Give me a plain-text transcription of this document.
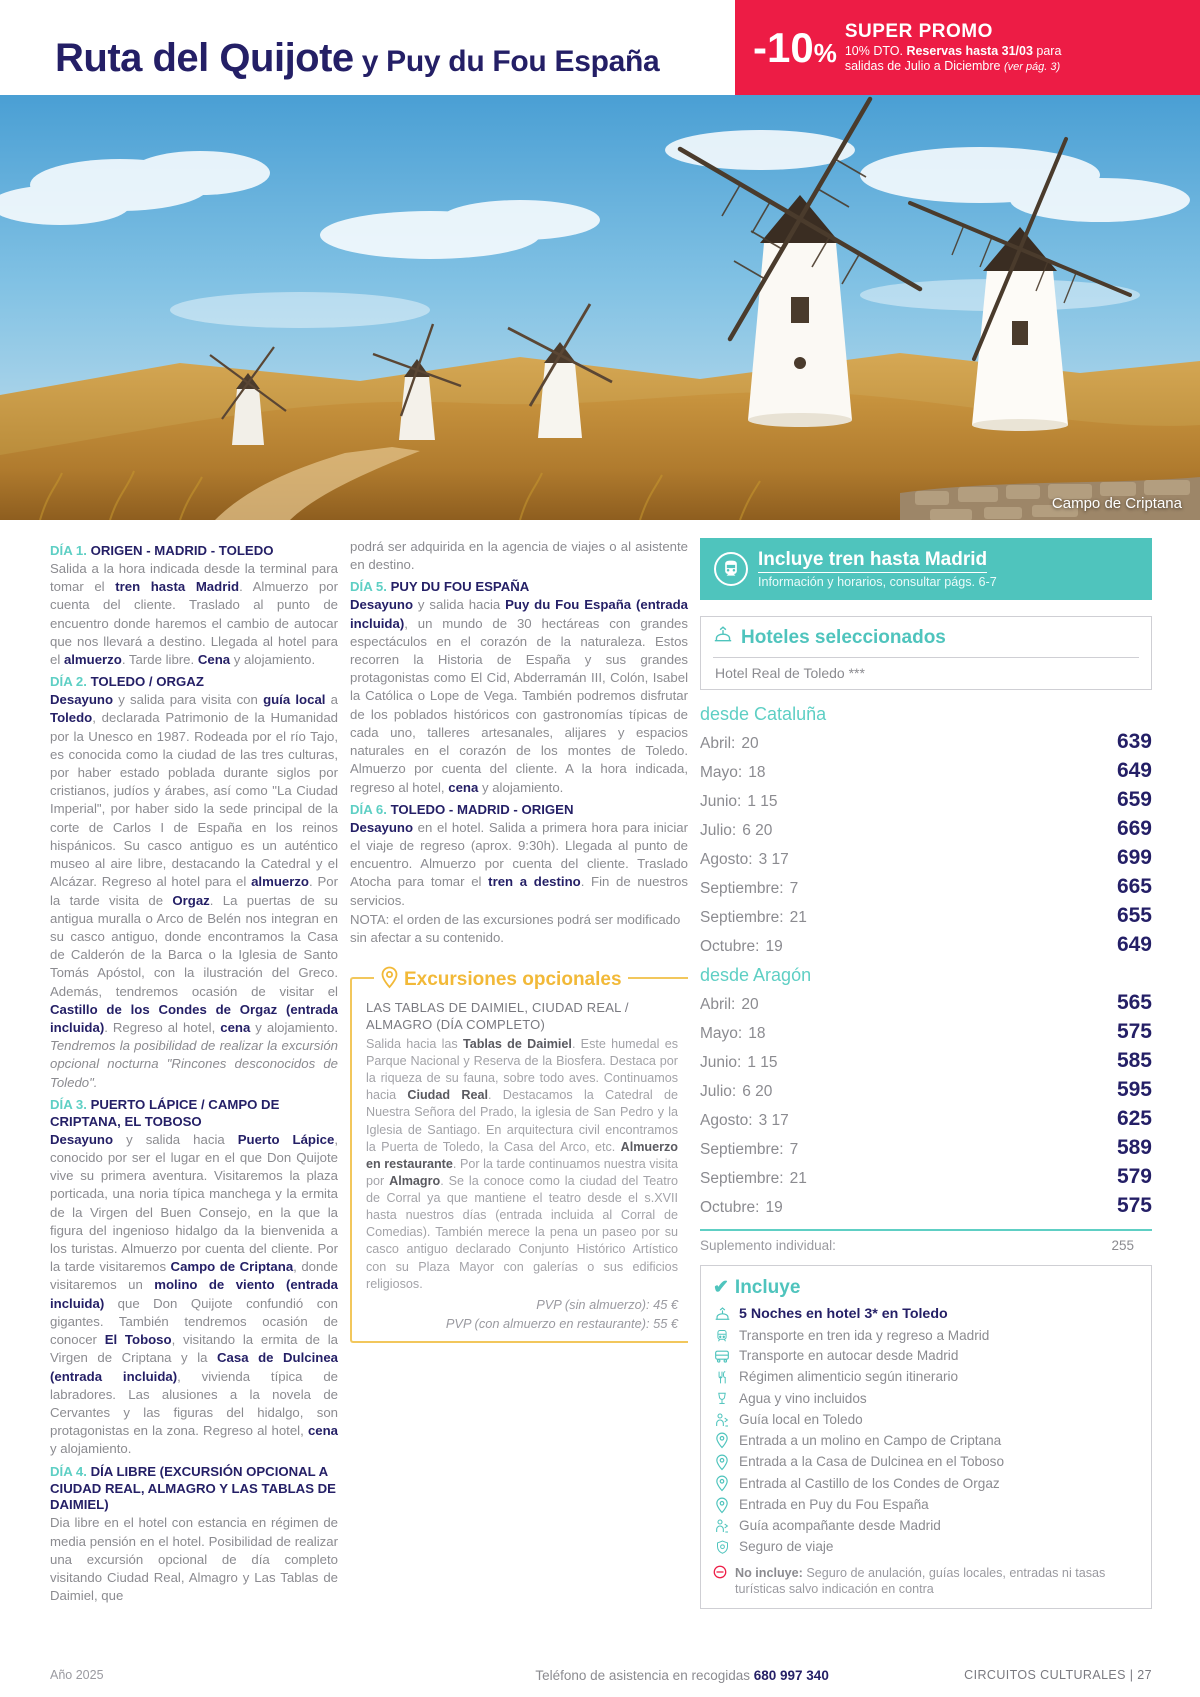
Ruta del Quijote y Puy du Fou España -10%
SUPER PROMO
10% DTO. Reservas hasta 31/03 para
salidas de Julio a Diciembre (ver pág. 3)
Campo de Criptana
DÍA 1. ORIGEN - MADRID - TOLEDO
Salida a la hora indicada desde la terminal para tomar el tren hasta Madrid. Almuerzo por cuenta del cliente. Traslado al punto de encuentro donde haremos el cambio de autocar que nos llevará a destino. Llegada al hotel para el almuerzo. Tarde libre. Cena y alojamiento.
DÍA 2. TOLEDO / ORGAZ
Desayuno y salida para visita con guía local a Toledo, declarada Patrimonio de la Humanidad por la Unesco en 1987. Rodeada por el río Tajo, es conocida como la ciudad de las tres culturas, por haber estado poblada durante siglos por cristianos, judíos y árabes, así como "La Ciudad Imperial", por haber sido la sede principal de la corte de Carlos I de España en los reinos hispánicos. Su casco antiguo es un auténtico museo al aire libre, destacando la Catedral y el Alcázar. Regreso al hotel para el almuerzo. Por la tarde visita de Orgaz. La puertas de su antigua muralla o Arco de Belén nos integran en su casco antiguo, donde encontramos la Casa de Calderón de la Barca o la Iglesia de Santo Tomás Apóstol, con la ilustración del Greco. Además, tendremos ocasión de visitar el Castillo de los Condes de Orgaz (entrada incluida). Regreso al hotel, cena y alojamiento. Tendremos la posibilidad de realizar la excursión opcional nocturna "Rincones desconocidos de Toledo".
DÍA 3. PUERTO LÁPICE / CAMPO DE CRIPTANA, EL TOBOSO
Desayuno y salida hacia Puerto Lápice, conocido por ser el lugar en el que Don Quijote vive su primera aventura. Visitaremos la plaza porticada, una noria típica manchega y la ermita de la Virgen del Buen Consejo, en la que la figura del ingenioso hidalgo da la bienvenida a los turistas. Almuerzo por cuenta del cliente. Por la tarde visitaremos Campo de Criptana, donde visitaremos un molino de viento (entrada incluida) que Don Quijote confundió con gigantes. También tendremos ocasión de conocer El Toboso, visitando la ermita de la Virgen de Criptana y la Casa de Dulcinea (entrada incluida), vivienda típica de labradores. Las alusiones a la novela de Cervantes y las figuras del hidalgo, son protagonistas en la zona. Regreso al hotel, cena y alojamiento.
DÍA 4. DÍA LIBRE (EXCURSIÓN OPCIONAL A CIUDAD REAL, ALMAGRO Y LAS TABLAS DE DAIMIEL)
Dia libre en el hotel con estancia en régimen de media pensión en el hotel. Posibilidad de realizar una excursión opcional de día completo visitando Ciudad Real, Almagro y Las Tablas de Daimiel, que
podrá ser adquirida en la agencia de viajes o al asistente en destino.
DÍA 5. PUY DU FOU ESPAÑA
Desayuno y salida hacia Puy du Fou España (entrada incluida), un mundo de 30 hectáreas con grandes espectáculos en el corazón de la naturaleza. Estos recorren la Historia de España y sus grandes protagonistas como El Cid, Abderramán III, Colón, Isabel la Católica o Lope de Vega. También podremos disfrutar de los poblados históricos con gastronomías típicas de cada uno, talleres artesanales, alijares y espacios naturales en el corazón de los montes de Toledo. Almuerzo por cuenta del cliente. A la hora indicada, regreso al hotel, cena y alojamiento.
DÍA 6. TOLEDO - MADRID - ORIGEN
Desayuno en el hotel. Salida a primera hora para iniciar el viaje de regreso (aprox. 9:30h). Llegada al punto de encuentro. Almuerzo por cuenta del cliente. Traslado Atocha para tomar el tren a destino. Fin de nuestros servicios.
NOTA: el orden de las excursiones podrá ser modificado sin afectar a su contenido.
Excursiones opcionales
LAS TABLAS DE DAIMIEL, CIUDAD REAL / ALMAGRO (DÍA COMPLETO)
Salida hacia las Tablas de Daimiel. Este humedal es Parque Nacional y Reserva de la Biosfera. Destaca por la riqueza de su fauna, sobre todo aves. Continuamos hacia Ciudad Real. Destacamos la Catedral de Nuestra Señora del Prado, la iglesia de San Pedro y la Iglesia de Santiago. En arquitectura civil encontramos la Puerta de Toledo, la Casa del Arco, etc. Almuerzo en restaurante. Por la tarde continuamos nuestra visita por Almagro. Se la conoce como la ciudad del Teatro de Corral ya que mantiene el teatro desde el s.XVII hasta nuestros días (entrada incluida al Corral de Comedias). También merece la pena un paseo por su casco antiguo declarado Conjunto Histórico Artístico con su Plaza Mayor con galerías o sus edificios religiosos.
PVP (sin almuerzo): 45 €
PVP (con almuerzo en restaurante): 55 €
Incluye tren hasta Madrid
Información y horarios, consultar págs. 6-7
Hoteles seleccionados
Hotel Real de Toledo ***
desde Cataluña
Abril: 20	639
Mayo: 18	649
Junio: 1 15	659
Julio: 6 20	669
Agosto: 3 17	699
Septiembre: 7	665
Septiembre: 21	655
Octubre: 19	649
desde Aragón
Abril: 20	565
Mayo: 18	575
Junio: 1 15	585
Julio: 6 20	595
Agosto: 3 17	625
Septiembre: 7	589
Septiembre: 21	579
Octubre: 19	575
Suplemento individual:	255
✔ Incluye
5 Noches en hotel 3* en Toledo
Transporte en tren ida y regreso a Madrid
Transporte en autocar desde Madrid
Régimen alimenticio según itinerario
Agua y vino incluidos
Guía local en Toledo
Entrada a un molino en Campo de Criptana
Entrada a la Casa de Dulcinea en el Toboso
Entrada al Castillo de los Condes de Orgaz
Entrada en Puy du Fou España
Guía acompañante desde Madrid
Seguro de viaje
No incluye: Seguro de anulación, guías locales, entradas ni tasas turísticas salvo indicación en contra
Año 2025	Teléfono de asistencia en recogidas 680 997 340	CIRCUITOS CULTURALES | 27
